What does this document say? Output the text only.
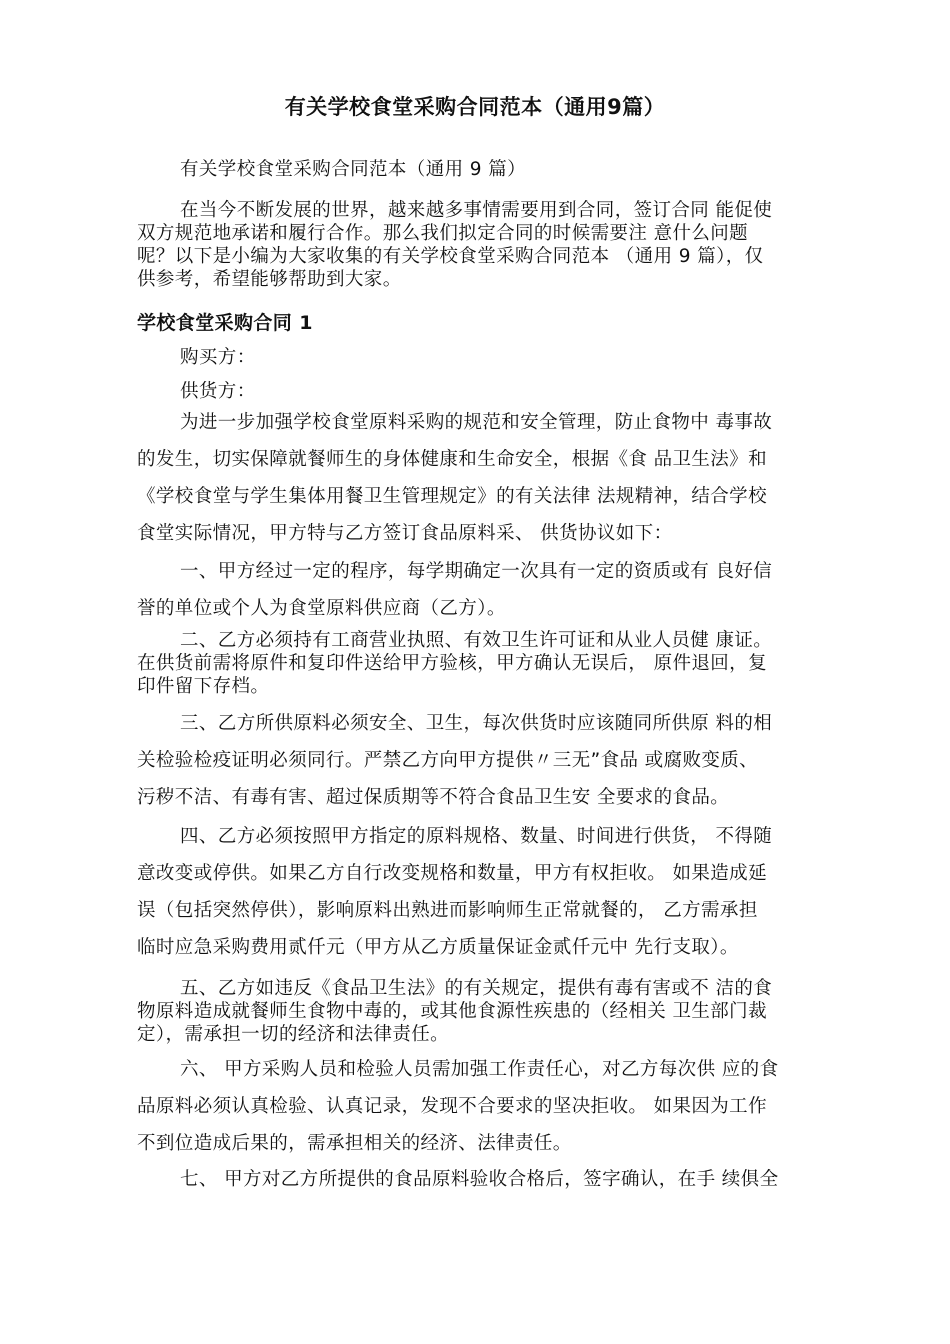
有关学校食堂采购合同范本（通用9篇）
有关学校食堂采购合同范本（通用 9 篇）
在当今不断发展的世界，越来越多事情需要用到合同，签订合同 能促使
双方规范地承诺和履行合作。那么我们拟定合同的时候需要注 意什么问题
呢？以下是小编为大家收集的有关学校食堂采购合同范本 （通用 9 篇），仅
供参考，希望能够帮助到大家。
学校食堂采购合同 1
购买方：
供货方：
为进一步加强学校食堂原料采购的规范和安全管理，防止食物中 毒事故
的发生，切实保障就餐师生的身体健康和生命安全，根据《食 品卫生法》和
《学校食堂与学生集体用餐卫生管理规定》的有关法律 法规精神，结合学校
食堂实际情况，甲方特与乙方签订食品原料采、 供货协议如下：
一、甲方经过一定的程序，每学期确定一次具有一定的资质或有 良好信
誉的单位或个人为食堂原料供应商（乙方）。
二、乙方必须持有工商营业执照、有效卫生许可证和从业人员健 康证。
在供货前需将原件和复印件送给甲方验核，甲方确认无误后， 原件退回，复
印件留下存档。
三、乙方所供原料必须安全、卫生，每次供货时应该随同所供原 料的相
关检验检疫证明必须同行。严禁乙方向甲方提供〃三无”食品 或腐败变质、
污秽不洁、有毒有害、超过保质期等不符合食品卫生安 全要求的食品。
四、乙方必须按照甲方指定的原料规格、数量、时间进行供货， 不得随
意改变或停供。如果乙方自行改变规格和数量，甲方有权拒收。 如果造成延
误（包括突然停供），影响原料出熟进而影响师生正常就餐的， 乙方需承担
临时应急采购费用贰仟元（甲方从乙方质量保证金贰仟元中 先行支取）。
五、乙方如违反《食品卫生法》的有关规定，提供有毒有害或不 洁的食
物原料造成就餐师生食物中毒的，或其他食源性疾患的（经相关 卫生部门裁
定），需承担一切的经济和法律责任。
六、 甲方采购人员和检验人员需加强工作责任心，对乙方每次供 应的食
品原料必须认真检验、认真记录，发现不合要求的坚决拒收。 如果因为工作
不到位造成后果的，需承担相关的经济、法律责任。
七、 甲方对乙方所提供的食品原料验收合格后，签字确认，在手 续俱全
